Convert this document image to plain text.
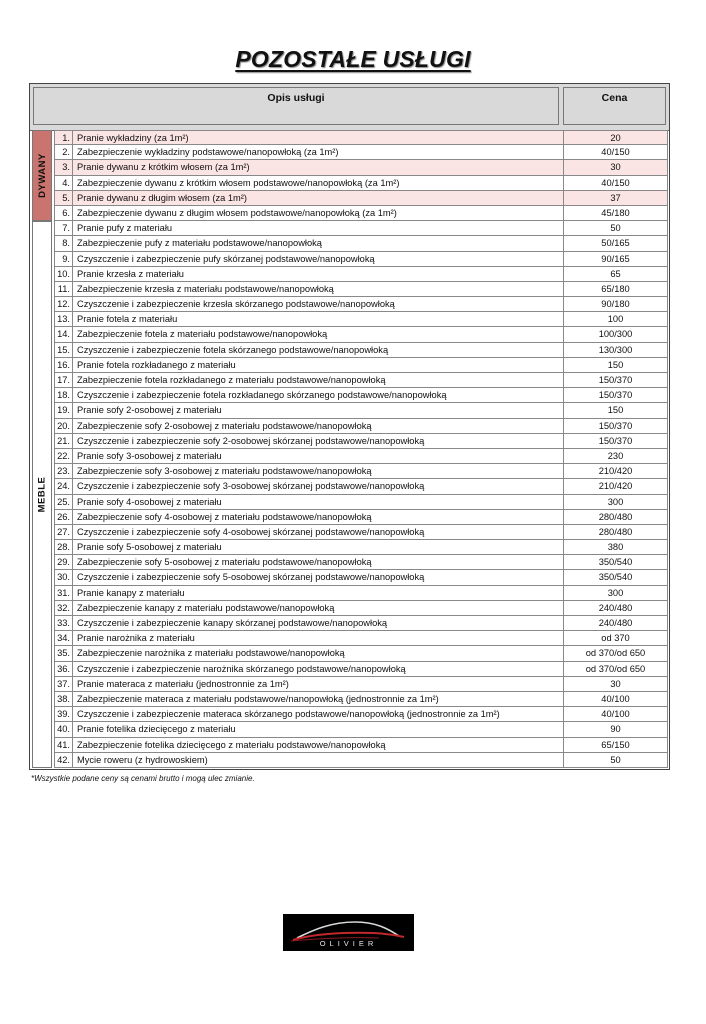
POZOSTAŁE USŁUGI
Opis usługi	Cena
DYWANY
MEBLE
1. Pranie wykładziny (za 1m²)	20
2. Zabezpieczenie wykładziny podstawowe/nanopowłoką (za 1m²)	40/150
3. Pranie dywanu z krótkim włosem (za 1m²)	30
4. Zabezpieczenie dywanu z krótkim włosem podstawowe/nanopowłoką (za 1m²)	40/150
5. Pranie dywanu z długim włosem (za 1m²)	37
6. Zabezpieczenie dywanu z długim włosem podstawowe/nanopowłoką (za 1m²)	45/180
7. Pranie pufy z materiału	50
8. Zabezpieczenie pufy z materiału podstawowe/nanopowłoką	50/165
9. Czyszczenie i zabezpieczenie pufy skórzanej podstawowe/nanopowłoką	90/165
10. Pranie krzesła z materiału	65
11. Zabezpieczenie krzesła z materiału podstawowe/nanopowłoką	65/180
12. Czyszczenie i zabezpieczenie krzesła skórzanego podstawowe/nanopowłoką	90/180
13. Pranie fotela z materiału	100
14. Zabezpieczenie fotela z materiału podstawowe/nanopowłoką	100/300
15. Czyszczenie i zabezpieczenie fotela skórzanego podstawowe/nanopowłoką	130/300
16. Pranie fotela rozkładanego z materiału	150
17. Zabezpieczenie fotela rozkładanego z materiału podstawowe/nanopowłoką	150/370
18. Czyszczenie i zabezpieczenie fotela rozkładanego skórzanego podstawowe/nanopowłoką	150/370
19. Pranie sofy 2-osobowej z materiału	150
20. Zabezpieczenie sofy 2-osobowej z materiału podstawowe/nanopowłoką	150/370
21. Czyszczenie i zabezpieczenie sofy 2-osobowej skórzanej podstawowe/nanopowłoką	150/370
22. Pranie sofy 3-osobowej z materiału	230
23. Zabezpieczenie sofy 3-osobowej z materiału podstawowe/nanopowłoką	210/420
24. Czyszczenie i zabezpieczenie sofy 3-osobowej skórzanej podstawowe/nanopowłoką	210/420
25. Pranie sofy 4-osobowej z materiału	300
26. Zabezpieczenie sofy 4-osobowej z materiału podstawowe/nanopowłoką	280/480
27. Czyszczenie i zabezpieczenie sofy 4-osobowej skórzanej podstawowe/nanopowłoką	280/480
28. Pranie sofy 5-osobowej z materiału	380
29. Zabezpieczenie sofy 5-osobowej z materiału podstawowe/nanopowłoką	350/540
30. Czyszczenie i zabezpieczenie sofy 5-osobowej skórzanej podstawowe/nanopowłoką	350/540
31. Pranie kanapy z materiału	300
32. Zabezpieczenie kanapy z materiału podstawowe/nanopowłoką	240/480
33. Czyszczenie i zabezpieczenie kanapy skórzanej podstawowe/nanopowłoką	240/480
34. Pranie narożnika z materiału	od 370
35. Zabezpieczenie narożnika z materiału podstawowe/nanopowłoką	od 370/od 650
36. Czyszczenie i zabezpieczenie narożnika skórzanego podstawowe/nanopowłoką	od 370/od 650
37. Pranie materaca z materiału (jednostronnie za 1m²)	30
38. Zabezpieczenie materaca z materiału podstawowe/nanopowłoką (jednostronnie za 1m²)	40/100
39. Czyszczenie i zabezpieczenie materaca skórzanego podstawowe/nanopowłoką (jednostronnie za 1m²)	40/100
40. Pranie fotelika dziecięcego z materiału	90
41. Zabezpieczenie fotelika dziecięcego z materiału podstawowe/nanopowłoką	65/150
42. Mycie roweru (z hydrowoskiem)	50
*Wszystkie podane ceny są cenami brutto i mogą ulec zmianie.
OLIVIER
